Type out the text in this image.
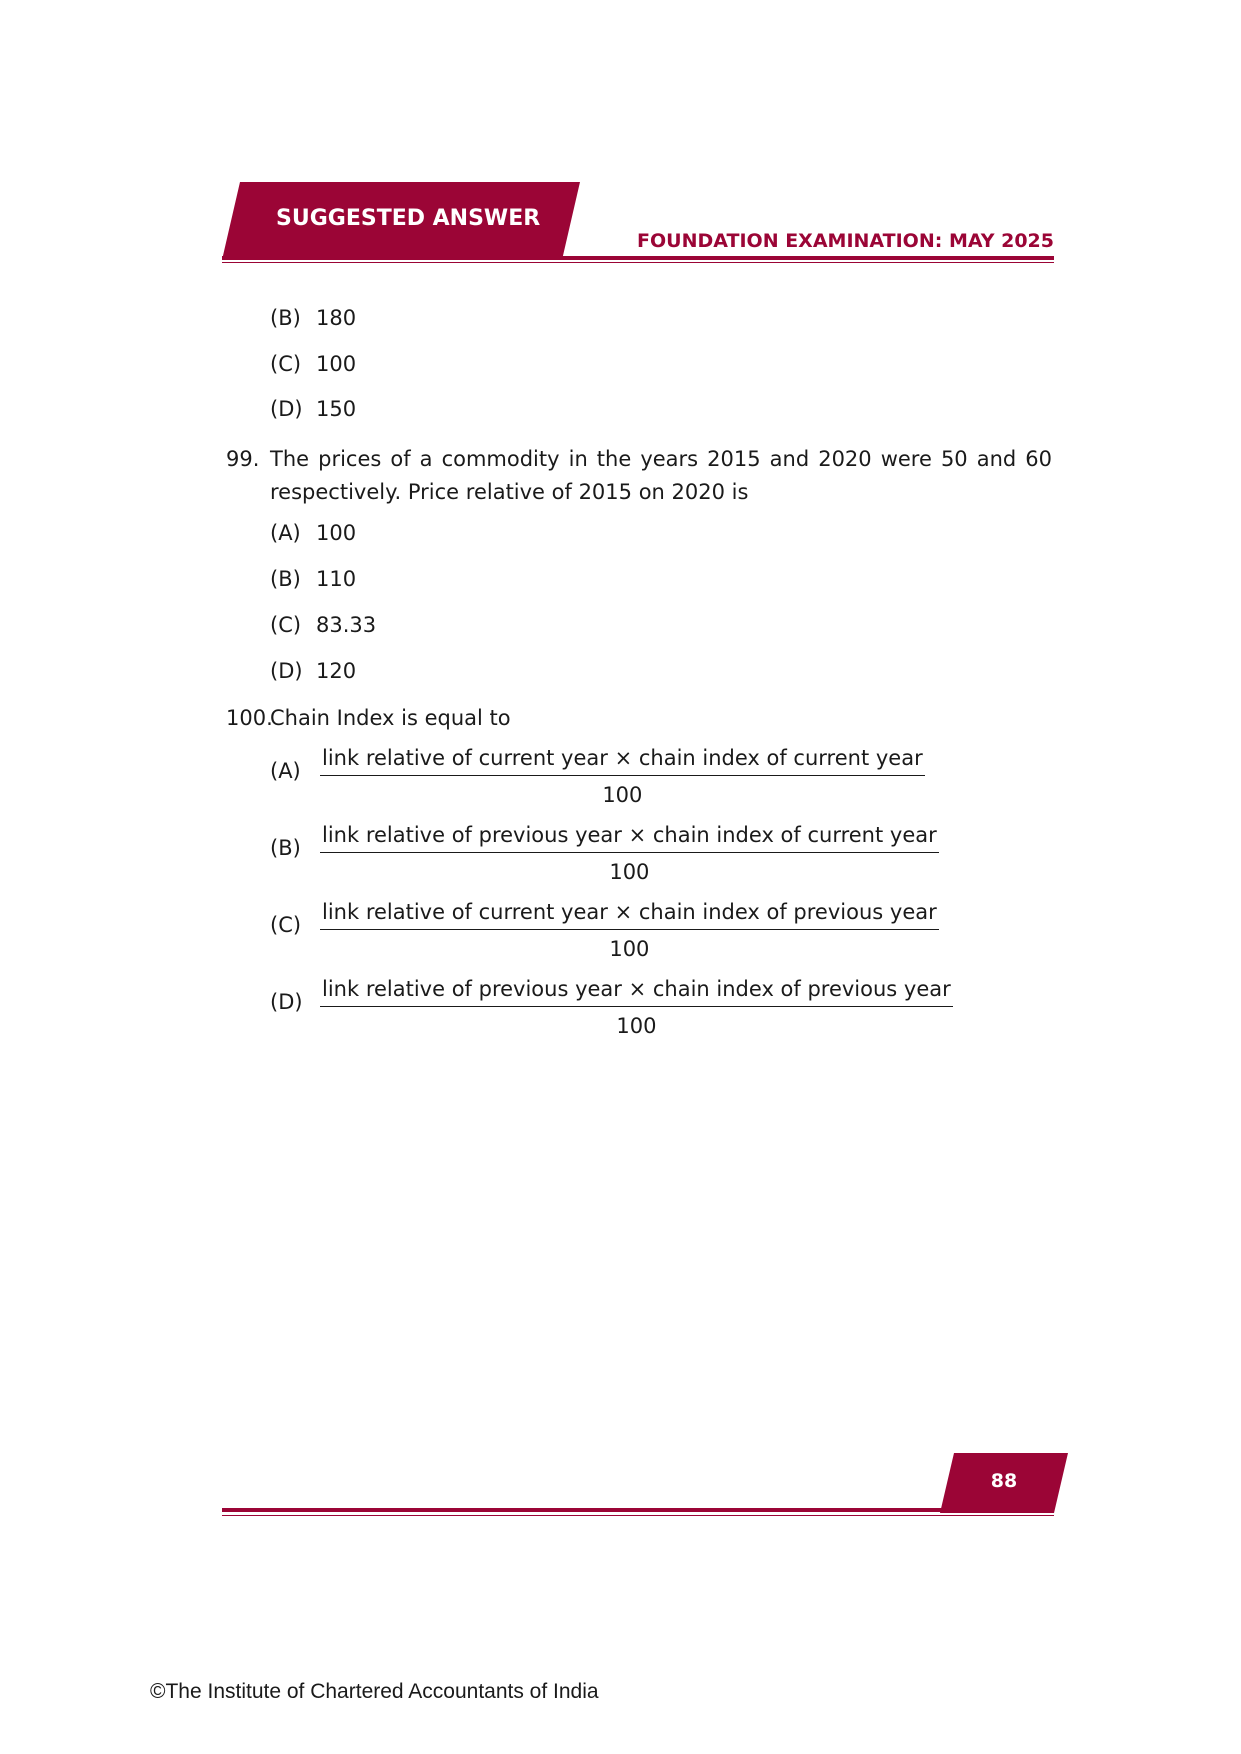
SUGGESTED ANSWER
FOUNDATION EXAMINATION: MAY 2025
(B) 180
(C) 100
(D) 150
99. The prices of a commodity in the years 2015 and 2020 were 50 and 60 respectively. Price relative of 2015 on 2020 is
(A) 100
(B) 110
(C) 83.33
(D) 120
100.
Chain Index is equal to
(A)
link relative of current year × chain index of current year
100
(B)
link relative of previous year × chain index of current year
100
(C)
link relative of current year × chain index of previous year
100
(D)
link relative of previous year × chain index of previous year
100
88
©The Institute of Chartered Accountants of India
